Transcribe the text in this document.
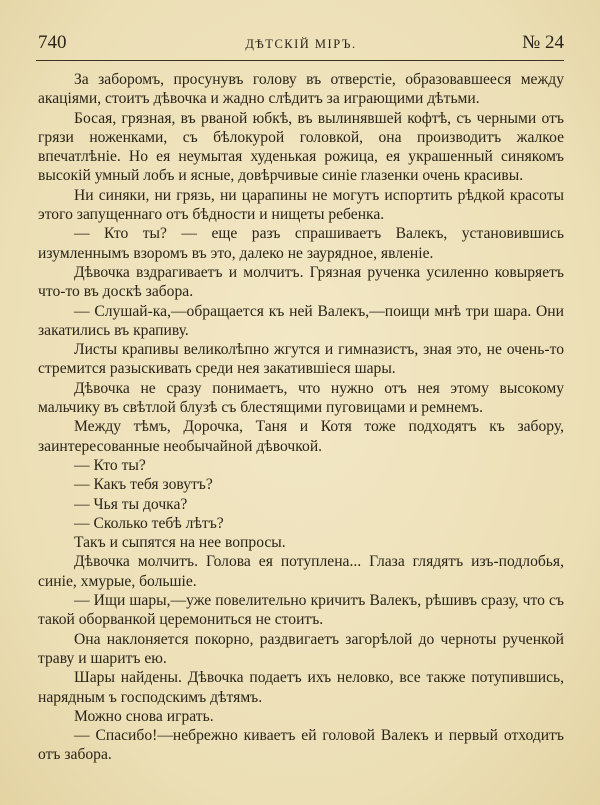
740	ДѢТСКІЙ МІРЪ.	№ 24

За заборомъ, просунувъ голову въ отверстіе, образовавшееся между акаціями, стоитъ дѣвочка и жадно слѣдитъ за играющими дѣтьми.

Босая, грязная, въ рваной юбкѣ, въ вылинявшей кофтѣ, съ черными отъ грязи ноженками, съ бѣлокурой головкой, она производитъ жалкое впечатлѣніе. Но ея неумытая худенькая рожица, ея украшенный синякомъ высокій умный лобъ и ясные, довѣрчивые синіе глазенки очень красивы.

Ни синяки, ни грязь, ни царапины не могутъ испортить рѣдкой красоты этого запущеннаго отъ бѣдности и нищеты ребенка.

— Кто ты? — еще разъ спрашиваетъ Валекъ, установившись изумленнымъ взоромъ въ это, далеко не заурядное, явленіе.

Дѣвочка вздрагиваетъ и молчитъ. Грязная рученка усиленно ковыряетъ что-то въ доскѣ забора.

— Слушай-ка,—обращается къ ней Валекъ,—поищи мнѣ три шара. Они закатились въ крапиву.

Листы крапивы великолѣпно жгутся и гимназистъ, зная это, не очень-то стремится разыскивать среди нея закатившіеся шары.

Дѣвочка не сразу понимаетъ, что нужно отъ нея этому высокому мальчику въ свѣтлой блузѣ съ блестящими пуговицами и ремнемъ.

Между тѣмъ, Дорочка, Таня и Котя тоже подходятъ къ забору, заинтересованные необычайной дѣвочкой.

— Кто ты?

— Какъ тебя зовутъ?

— Чья ты дочка?

— Сколько тебѣ лѣтъ?

Такъ и сыпятся на нее вопросы.

Дѣвочка молчитъ. Голова ея потуплена... Глаза глядятъ изъ-подлобья, синіе, хмурые, большіе.

— Ищи шары,—уже повелительно кричитъ Валекъ, рѣшивъ сразу, что съ такой оборванкой церемониться не стоитъ.

Она наклоняется покорно, раздвигаетъ загорѣлой до черноты рученкой траву и шаритъ ею.

Шары найдены. Дѣвочка подаетъ ихъ неловко, все также потупившись, нарядным ъ господскимъ дѣтямъ.

Можно снова играть.

— Спасибо!—небрежно киваетъ ей головой Валекъ и первый отходитъ отъ забора.
